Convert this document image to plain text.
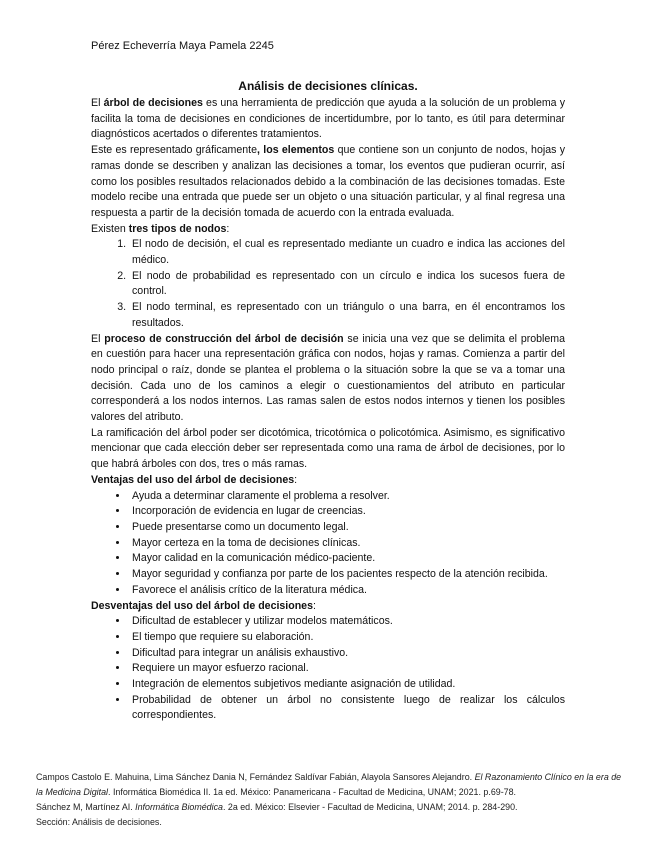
Pérez Echeverría Maya Pamela 2245
Análisis de decisiones clínicas.

El árbol de decisiones es una herramienta de predicción que ayuda a la solución de un problema y facilita la toma de decisiones en condiciones de incertidumbre, por lo tanto, es útil para determinar diagnósticos acertados o diferentes tratamientos.

Este es representado gráficamente, los elementos que contiene son un conjunto de nodos, hojas y ramas donde se describen y analizan las decisiones a tomar, los eventos que pudieran ocurrir, así como los posibles resultados relacionados debido a la combinación de las decisiones tomadas. Este modelo recibe una entrada que puede ser un objeto o una situación particular, y al final regresa una respuesta a partir de la decisión tomada de acuerdo con la entrada evaluada.

Existen tres tipos de nodos:

1. El nodo de decisión, el cual es representado mediante un cuadro e indica las acciones del médico.
2. El nodo de probabilidad es representado con un círculo e indica los sucesos fuera de control.
3. El nodo terminal, es representado con un triángulo o una barra, en él encontramos los resultados.

El proceso de construcción del árbol de decisión se inicia una vez que se delimita el problema en cuestión para hacer una representación gráfica con nodos, hojas y ramas. Comienza a partir del nodo principal o raíz, donde se plantea el problema o la situación sobre la que se va a tomar una decisión. Cada uno de los caminos a elegir o cuestionamientos del atributo en particular corresponderá a los nodos internos. Las ramas salen de estos nodos internos y tienen los posibles valores del atributo.

La ramificación del árbol poder ser dicotómica, tricotómica o policotómica. Asimismo, es significativo mencionar que cada elección deber ser representada como una rama de árbol de decisiones, por lo que habrá árboles con dos, tres o más ramas.

Ventajas del uso del árbol de decisiones:

• Ayuda a determinar claramente el problema a resolver.
• Incorporación de evidencia en lugar de creencias.
• Puede presentarse como un documento legal.
• Mayor certeza en la toma de decisiones clínicas.
• Mayor calidad en la comunicación médico-paciente.
• Mayor seguridad y confianza por parte de los pacientes respecto de la atención recibida.
• Favorece el análisis crítico de la literatura médica.

Desventajas del uso del árbol de decisiones:

• Dificultad de establecer y utilizar modelos matemáticos.
• El tiempo que requiere su elaboración.
• Dificultad para integrar un análisis exhaustivo.
• Requiere un mayor esfuerzo racional.
• Integración de elementos subjetivos mediante asignación de utilidad.
• Probabilidad de obtener un árbol no consistente luego de realizar los cálculos correspondientes.

Campos Castolo E. Mahuina, Lima Sánchez Dania N, Fernández Saldívar Fabián, Alayola Sansores Alejandro. El Razonamiento Clínico en la era de la Medicina Digital. Informática Biomédica II. 1a ed. México: Panamericana - Facultad de Medicina, UNAM; 2021. p.69-78.

Sánchez M, Martínez AI. Informática Biomédica. 2a ed. México: Elsevier - Facultad de Medicina, UNAM; 2014. p. 284-290.

Sección: Análisis de decisiones.
